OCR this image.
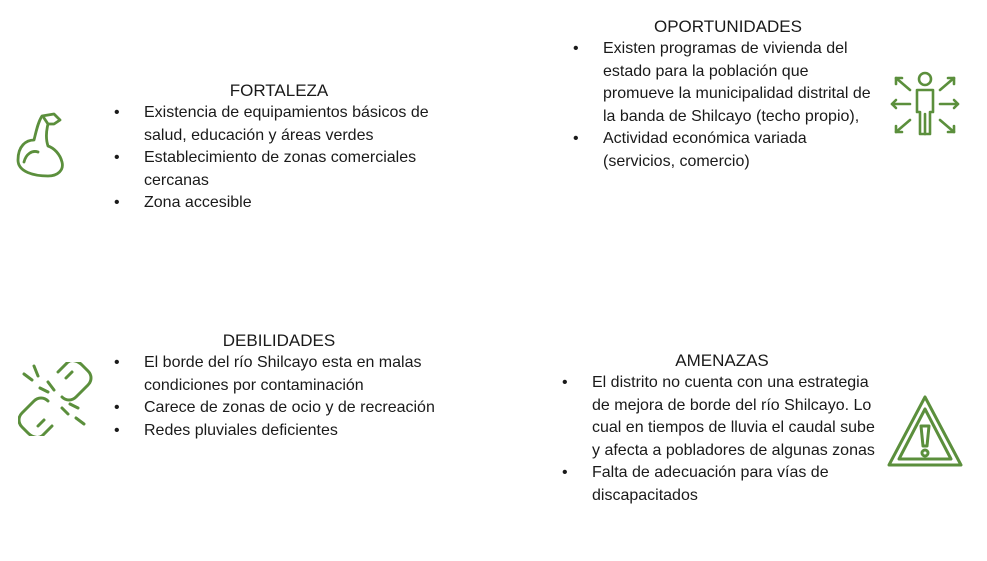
FORTALEZA
• Existencia de equipamientos básicos de salud, educación y áreas verdes
• Establecimiento de zonas comerciales cercanas
• Zona accesible
OPORTUNIDADES
• Existen programas de vivienda del estado para la población que promueve la municipalidad distrital de la banda de Shilcayo (techo propio),
• Actividad económica variada (servicios, comercio)
DEBILIDADES
• El borde del río Shilcayo esta en malas condiciones por contaminación
• Carece de zonas de ocio y de recreación
• Redes pluviales deficientes
AMENAZAS
• El distrito no cuenta con una estrategia de mejora de borde del río Shilcayo. Lo cual en tiempos de lluvia el caudal sube y afecta a pobladores de algunas zonas
• Falta de adecuación para vías de discapacitados
